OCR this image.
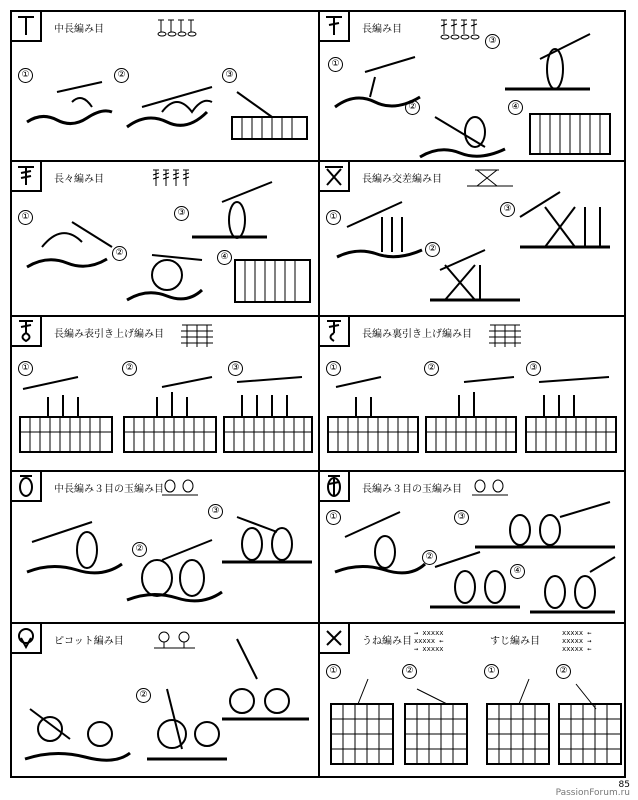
中長編み目
①	②	③
長編み目
①
②
③
④
長々編み目
①
②
③
④
長編み交差編み目
①
②
③
長編み表引き上げ編み目
①	②	③
長編み裏引き上げ編み目
①	②	③
中長編み３目の玉編み目
②
③
長編み３目の玉編み目
①
②
③
④
ピコット編み目
②
うね編み目
→ xxxxx
xxxxx ←
→ xxxxx
すじ編み目
xxxxx ←
xxxxx →
xxxxx ←
①	②	①	②
85
PassionForum.ru
